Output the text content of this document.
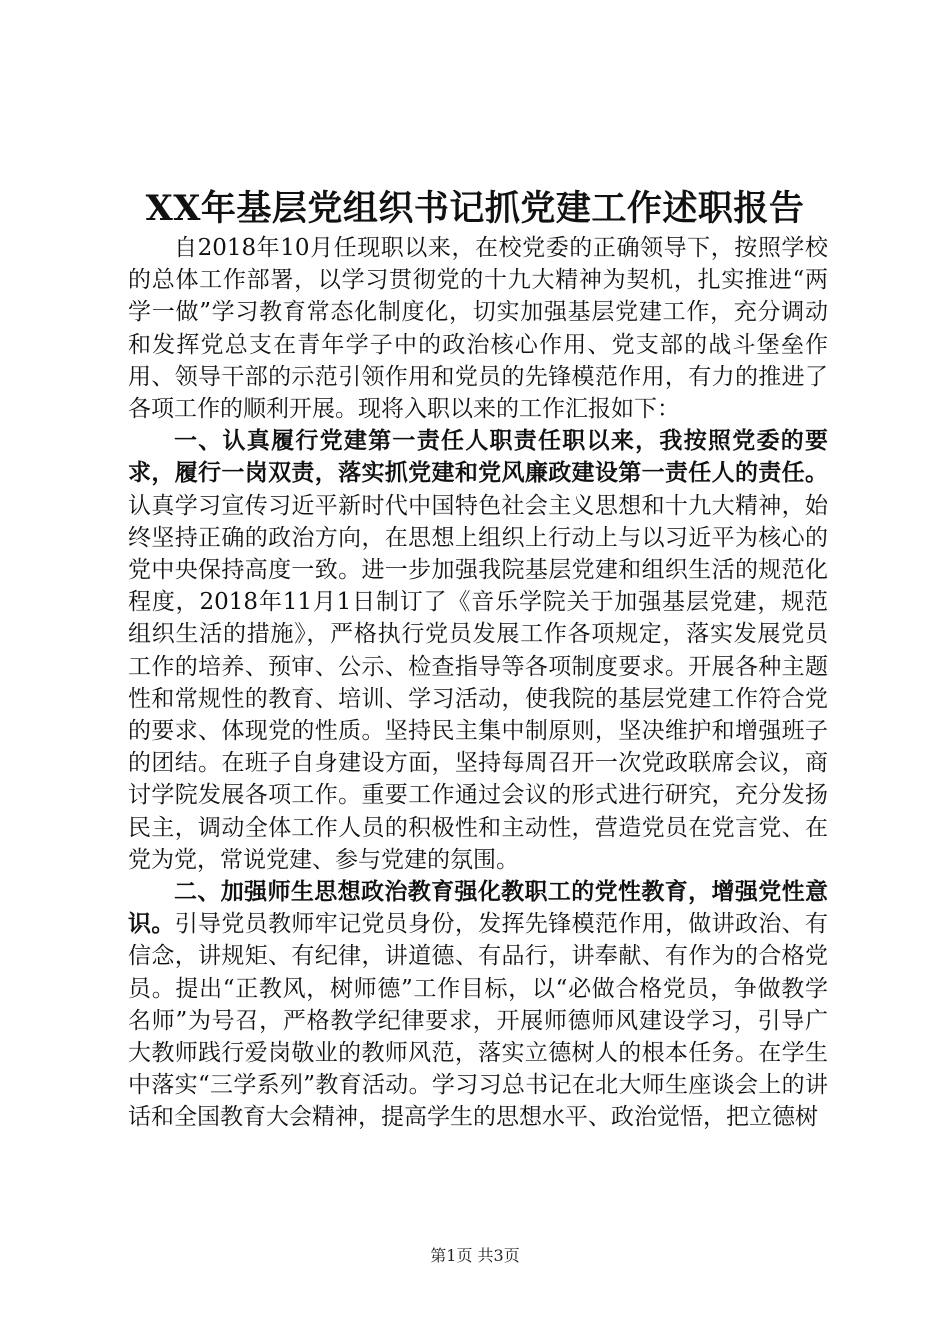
XX年基层党组织书记抓党建工作述职报告

自2018年10月任现职以来，在校党委的正确领导下，按照学校的总体工作部署，以学习贯彻党的十九大精神为契机，扎实推进“两学一做”学习教育常态化制度化，切实加强基层党建工作，充分调动和发挥党总支在青年学子中的政治核心作用、党支部的战斗堡垒作用、领导干部的示范引领作用和党员的先锋模范作用，有力的推进了各项工作的顺利开展。现将入职以来的工作汇报如下：

一、认真履行党建第一责任人职责任职以来，我按照党委的要求，履行一岗双责，落实抓党建和党风廉政建设第一责任人的责任。认真学习宣传习近平新时代中国特色社会主义思想和十九大精神，始终坚持正确的政治方向，在思想上组织上行动上与以习近平为核心的党中央保持高度一致。进一步加强我院基层党建和组织生活的规范化程度，2018年11月1日制订了《音乐学院关于加强基层党建，规范组织生活的措施》，严格执行党员发展工作各项规定，落实发展党员工作的培养、预审、公示、检查指导等各项制度要求。开展各种主题性和常规性的教育、培训、学习活动，使我院的基层党建工作符合党的要求、体现党的性质。坚持民主集中制原则，坚决维护和增强班子的团结。在班子自身建设方面，坚持每周召开一次党政联席会议，商讨学院发展各项工作。重要工作通过会议的形式进行研究，充分发扬民主，调动全体工作人员的积极性和主动性，营造党员在党言党、在党为党，常说党建、参与党建的氛围。

二、加强师生思想政治教育强化教职工的党性教育，增强党性意识。引导党员教师牢记党员身份，发挥先锋模范作用，做讲政治、有信念，讲规矩、有纪律，讲道德、有品行，讲奉献、有作为的合格党员。提出“正教风，树师德”工作目标，以“必做合格党员，争做教学名师”为号召，严格教学纪律要求，开展师德师风建设学习，引导广大教师践行爱岗敬业的教师风范，落实立德树人的根本任务。在学生中落实“三学系列”教育活动。学习习总书记在北大师生座谈会上的讲话和全国教育大会精神，提高学生的思想水平、政治觉悟，把立德树

第1页 共3页
